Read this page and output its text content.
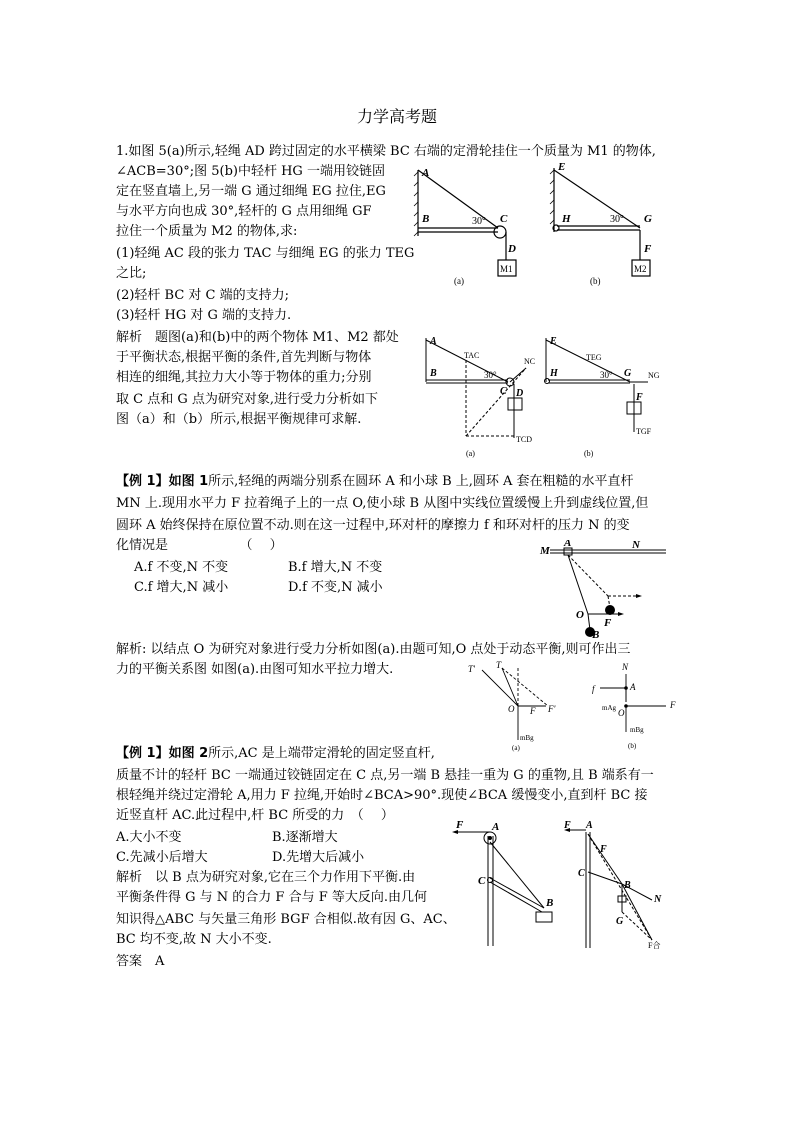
力学高考题
1.如图 5(a)所示,轻绳 AD 跨过固定的水平横梁 BC 右端的定滑轮挂住一个质量为 M1 的物体,
∠ACB=30°;图 5(b)中轻杆 HG 一端用铰链固
定在竖直墙上,另一端 G 通过细绳 EG 拉住,EG
与水平方向也成 30°,轻杆的 G 点用细绳 GF
拉住一个质量为 M2 的物体,求:
(1)轻绳 AC 段的张力 TAC 与细绳 EG 的张力 TEG
之比;
(2)轻杆 BC 对 C 端的支持力;
(3)轻杆 HG 对 G 端的支持力.
解析　题图(a)和(b)中的两个物体 M1、M2 都处
于平衡状态,根据平衡的条件,首先判断与物体
相连的细绳,其拉力大小等于物体的重力;分别
取 C 点和 G 点为研究对象,进行受力分析如下
图（a）和（b）所示,根据平衡规律可求解.
A
B	30° C
D
M1
(a)
E
H	30° G
F
M2
(b)
A
B
TAC
30°
C
NC
D
TCD
(a)
E
H
TEG
30° G NG
F
TGF
(b)
【例 1】如图 1所示,轻绳的两端分别系在圆环 A 和小球 B 上,圆环 A 套在粗糙的水平直杆
MN 上.现用水平力 F 拉着绳子上的一点 O,使小球 B 从图中实线位置缓慢上升到虚线位置,但
圆环 A 始终保持在原位置不动.则在这一过程中,环对杆的摩擦力 f 和环对杆的压力 N 的变
化情况是　　　　　　（　 ）
A.f 不变,N 不变	B.f 增大,N 不变
C.f 增大,N 减小	D.f 不变,N 减小
M
A	N
O
F
B
解析: 以结点 O 为研究对象进行受力分析如图(a).由题可知,O 点处于动态平衡,则可作出三
力的平衡关系图 如图(a).由图可知水平拉力增大.	T' T
O F F'
mBg
(a)
N
f	A
mAg O
F
mBg
(b)
【例 1】如图 2所示,AC 是上端带定滑轮的固定竖直杆,
质量不计的轻杆 BC 一端通过铰链固定在 C 点,另一端 B 悬挂一重为 G 的重物,且 B 端系有一
根轻绳并绕过定滑轮 A,用力 F 拉绳,开始时∠BCA>90°.现使∠BCA 缓慢变小,直到杆 BC 接
近竖直杆 AC.此过程中,杆 BC 所受的力　（　 ）
A.大小不变	B.逐渐增大
C.先减小后增大	D.先增大后减小
解析　以 B 点为研究对象,它在三个力作用下平衡.由
平衡条件得 G 与 N 的合力 F 合与 F 等大反向.由几何
知识得△ABC 与矢量三角形 BGF 合相似.故有因 G、AC、
BC 均不变,故 N 大小不变.
答案　A
F	A
C
B
F A
F
C
B
N
G
F合
